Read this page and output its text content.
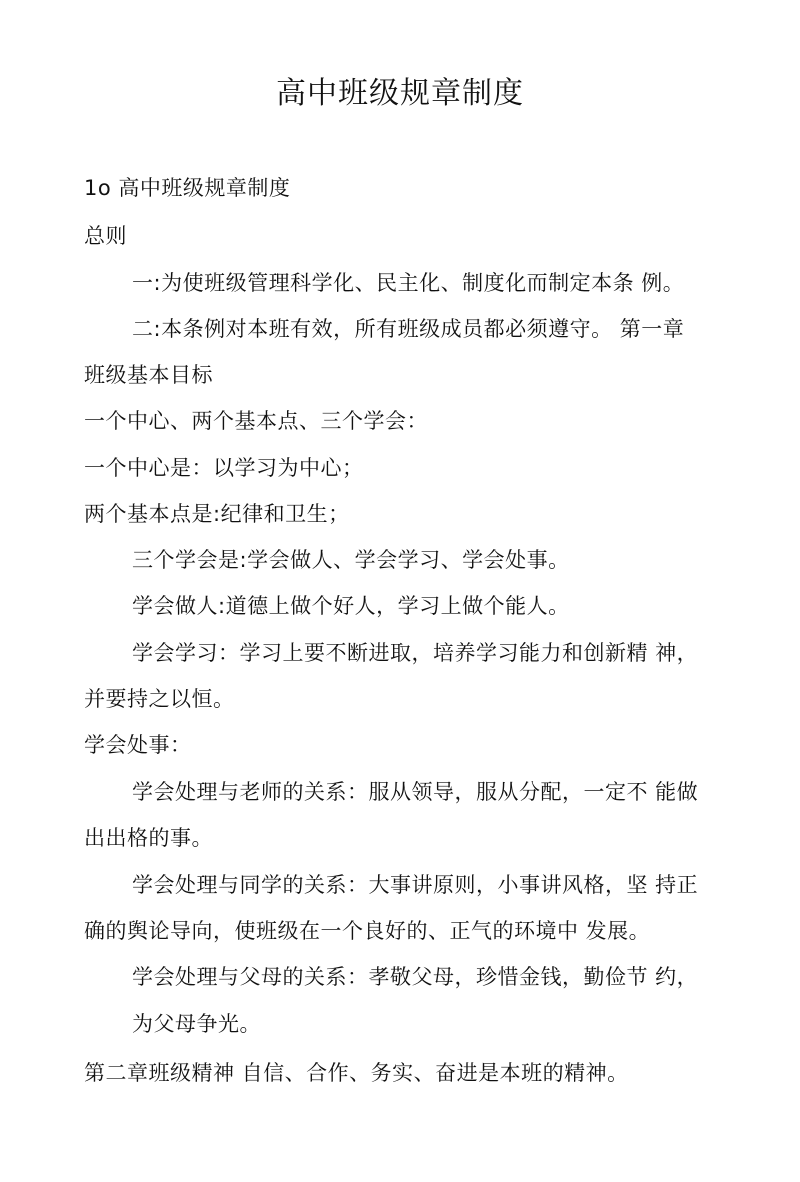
高中班级规章制度

1o 高中班级规章制度

总则

一:为使班级管理科学化、民主化、制度化而制定本条 例。

二:本条例对本班有效，所有班级成员都必须遵守。 第一章

班级基本目标

一个中心、两个基本点、三个学会：

一个中心是：以学习为中心；

两个基本点是:纪律和卫生；

三个学会是:学会做人、学会学习、学会处事。

学会做人:道德上做个好人，学习上做个能人。

学会学习：学习上要不断进取，培养学习能力和创新精 神，

并要持之以恒。

学会处事：

学会处理与老师的关系：服从领导，服从分配，一定不 能做

出出格的事。

学会处理与同学的关系：大事讲原则，小事讲风格，坚 持正

确的舆论导向，使班级在一个良好的、正气的环境中 发展。

学会处理与父母的关系：孝敬父母，珍惜金钱，勤俭节 约，

为父母争光。

第二章班级精神 自信、合作、务实、奋进是本班的精神。
